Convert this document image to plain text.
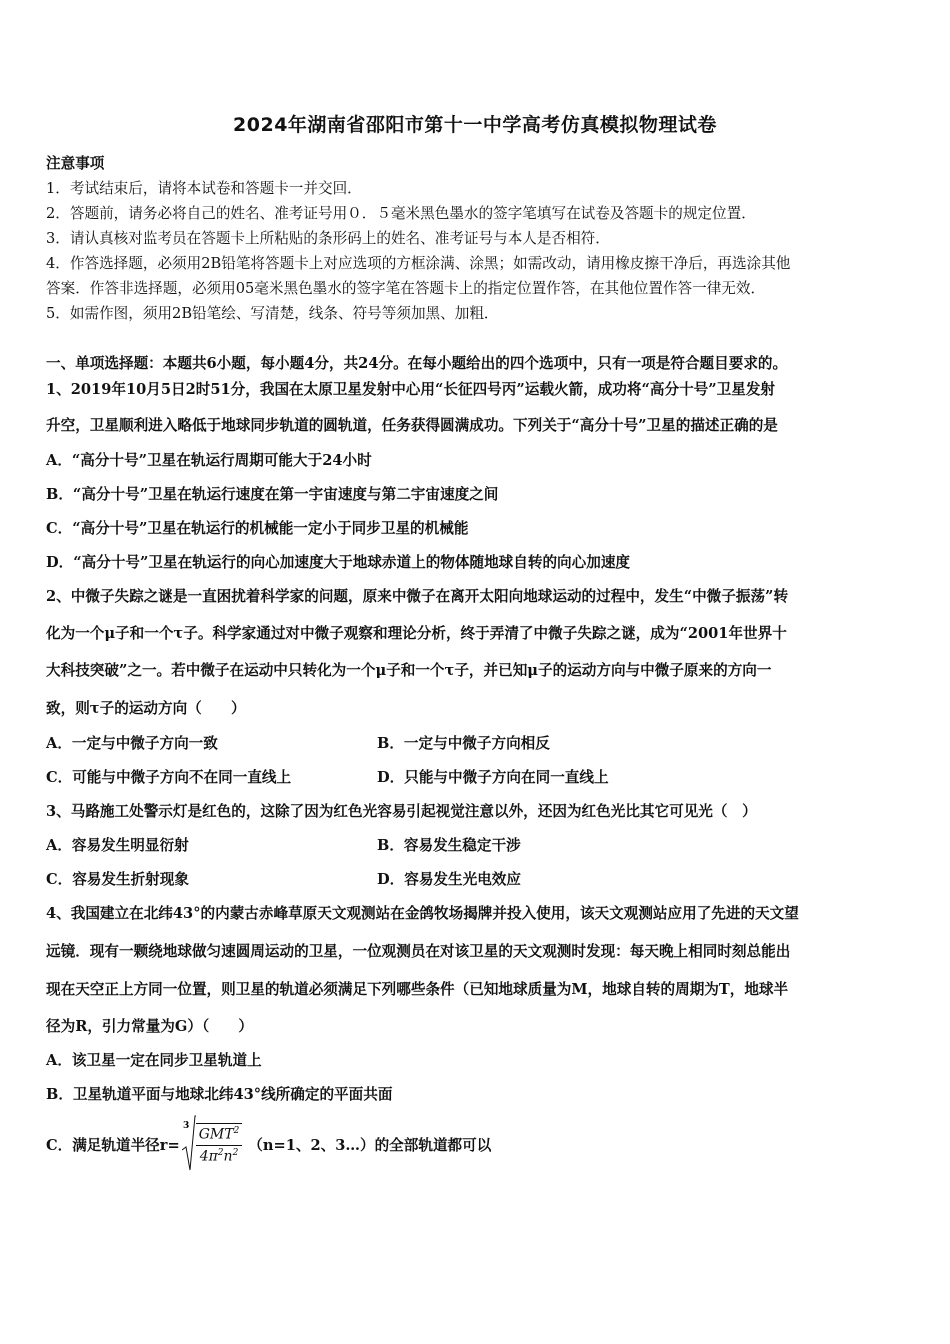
2024年湖南省邵阳市第十一中学高考仿真模拟物理试卷
注意事项
1．考试结束后，请将本试卷和答题卡一并交回．
2．答题前，请务必将自己的姓名、准考证号用０．５毫米黑色墨水的签字笔填写在试卷及答题卡的规定位置．
3．请认真核对监考员在答题卡上所粘贴的条形码上的姓名、准考证号与本人是否相符．
4．作答选择题，必须用2B铅笔将答题卡上对应选项的方框涂满、涂黑；如需改动，请用橡皮擦干净后，再选涂其他
答案．作答非选择题，必须用05毫米黑色墨水的签字笔在答题卡上的指定位置作答，在其他位置作答一律无效．
5．如需作图，须用2B铅笔绘、写清楚，线条、符号等须加黑、加粗．
一、单项选择题：本题共6小题，每小题4分，共24分。在每小题给出的四个选项中，只有一项是符合题目要求的。
1、2019年10月5日2时51分，我国在太原卫星发射中心用“长征四号丙”运载火箭，成功将“高分十号”卫星发射
升空，卫星顺利进入略低于地球同步轨道的圆轨道，任务获得圆满成功。下列关于“高分十号”卫星的描述正确的是
A．“高分十号”卫星在轨运行周期可能大于24小时
B．“高分十号”卫星在轨运行速度在第一宇宙速度与第二宇宙速度之间
C．“高分十号”卫星在轨运行的机械能一定小于同步卫星的机械能
D．“高分十号”卫星在轨运行的向心加速度大于地球赤道上的物体随地球自转的向心加速度
2、中微子失踪之谜是一直困扰着科学家的问题，原来中微子在离开太阳向地球运动的过程中，发生“中微子振荡”转
化为一个μ子和一个τ子。科学家通过对中微子观察和理论分析，终于弄清了中微子失踪之谜，成为“2001年世界十
大科技突破”之一。若中微子在运动中只转化为一个μ子和一个τ子，并已知μ子的运动方向与中微子原来的方向一
致，则τ子的运动方向（　　）
A．一定与中微子方向一致	B．一定与中微子方向相反
C．可能与中微子方向不在同一直线上	D．只能与中微子方向在同一直线上
3、马路施工处警示灯是红色的，这除了因为红色光容易引起视觉注意以外，还因为红色光比其它可见光（　）
A．容易发生明显衍射	B．容易发生稳定干涉
C．容易发生折射现象	D．容易发生光电效应
4、我国建立在北纬43°的内蒙古赤峰草原天文观测站在金鸽牧场揭牌并投入使用，该天文观测站应用了先进的天文望
远镜．现有一颗绕地球做匀速圆周运动的卫星，一位观测员在对该卫星的天文观测时发现：每天晚上相同时刻总能出
现在天空正上方同一位置，则卫星的轨道必须满足下列哪些条件（已知地球质量为M，地球自转的周期为T，地球半
径为R，引力常量为G）（　　）
A．该卫星一定在同步卫星轨道上
B．卫星轨道平面与地球北纬43°线所确定的平面共面
C．满足轨道半径r=
$3 \frac{GMT^2}{4\pi^2n^2} (n=1$、2、3…）的全部轨道都可以
